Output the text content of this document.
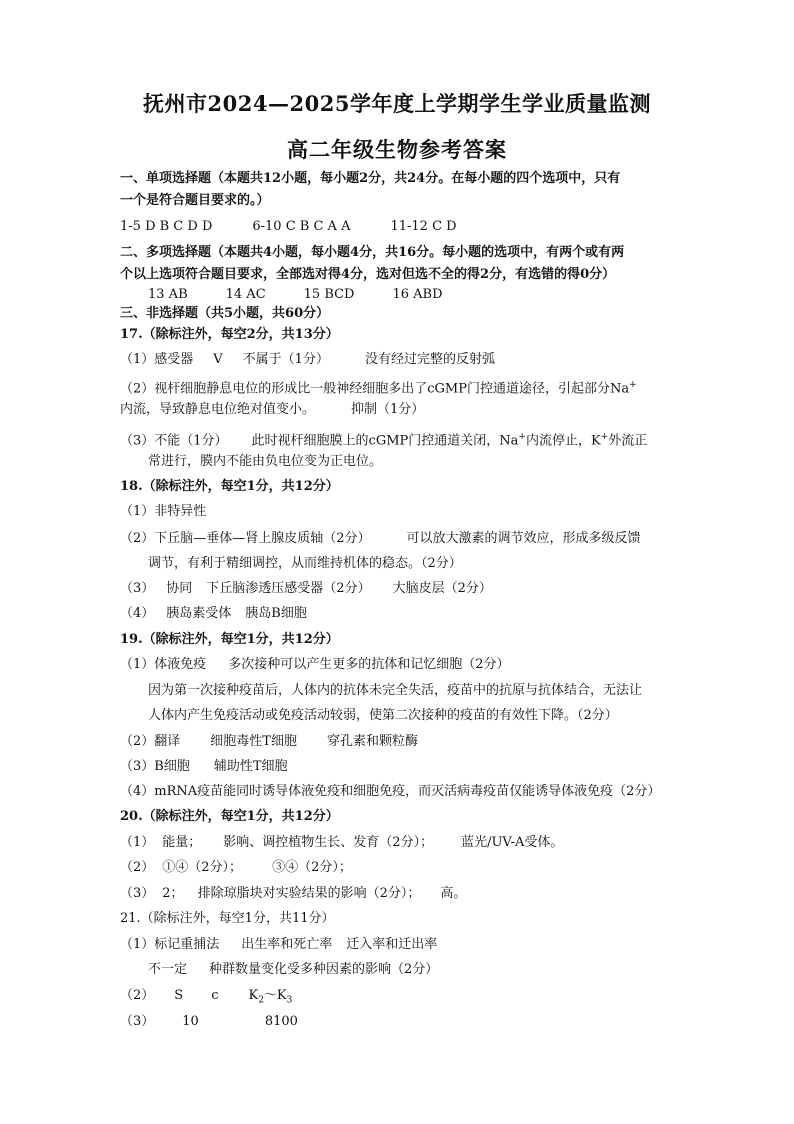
抚州市2024—2025学年度上学期学生学业质量监测
高二年级生物参考答案
一、单项选择题（本题共12小题，每小题2分，共24分。在每小题的四个选项中，只有
一个是符合题目要求的。）
1-5 D B C D D	6-10 C B C A A	11-12 C D
二、多项选择题（本题共4小题，每小题4分，共16分。每小题的选项中，有两个或有两
个以上选项符合题目要求，全部选对得4分，选对但选不全的得2分，有选错的得0分）
13 AB	14 AC	15 BCD	16 ABD
三、非选择题（共5小题，共60分）
17.（除标注外，每空2分，共13分）
（1）感受器 V 不属于（1分）	没有经过完整的反射弧
（2）视杆细胞静息电位的形成比一般神经细胞多出了cGMP门控通道途径，引起部分Na+
内流，导致静息电位绝对值变小。	抑制（1分）
（3）不能（1分） 此时视杆细胞膜上的cGMP门控通道关闭，Na+内流停止，K+外流正
常进行，膜内不能由负电位变为正电位。
18.（除标注外，每空1分，共12分）
（1）非特异性
（2）下丘脑—垂体—肾上腺皮质轴（2分）	可以放大激素的调节效应，形成多级反馈
调节，有利于精细调控，从而维持机体的稳态。（2分）
（3） 协同 下丘脑渗透压感受器（2分） 大脑皮层（2分）
（4） 胰岛素受体 胰岛B细胞
19.（除标注外，每空1分，共12分）
（1）体液免疫 多次接种可以产生更多的抗体和记忆细胞（2分）
因为第一次接种疫苗后，人体内的抗体未完全失活，疫苗中的抗原与抗体结合，无法让
人体内产生免疫活动或免疫活动较弱，使第二次接种的疫苗的有效性下降。（2分）
（2）翻译 细胞毒性T细胞 穿孔素和颗粒酶
（3）B细胞 辅助性T细胞
（4）mRNA疫苗能同时诱导体液免疫和细胞免疫，而灭活病毒疫苗仅能诱导体液免疫（2分）
20.（除标注外，每空1分，共12分）
（1） 能量； 影响、调控植物生长、发育（2分）； 蓝光/UV-A受体。
（2） ①④（2分）； ③④（2分）；
（3） 2； 排除琼脂块对实验结果的影响（2分）； 高。
21.（除标注外，每空1分，共11分）
（1）标记重捕法 出生率和死亡率 迁入率和迁出率
不一定 种群数量变化受多种因素的影响（2分）
（2） S c $K_2\sim K_3$
（3） 10	8100
